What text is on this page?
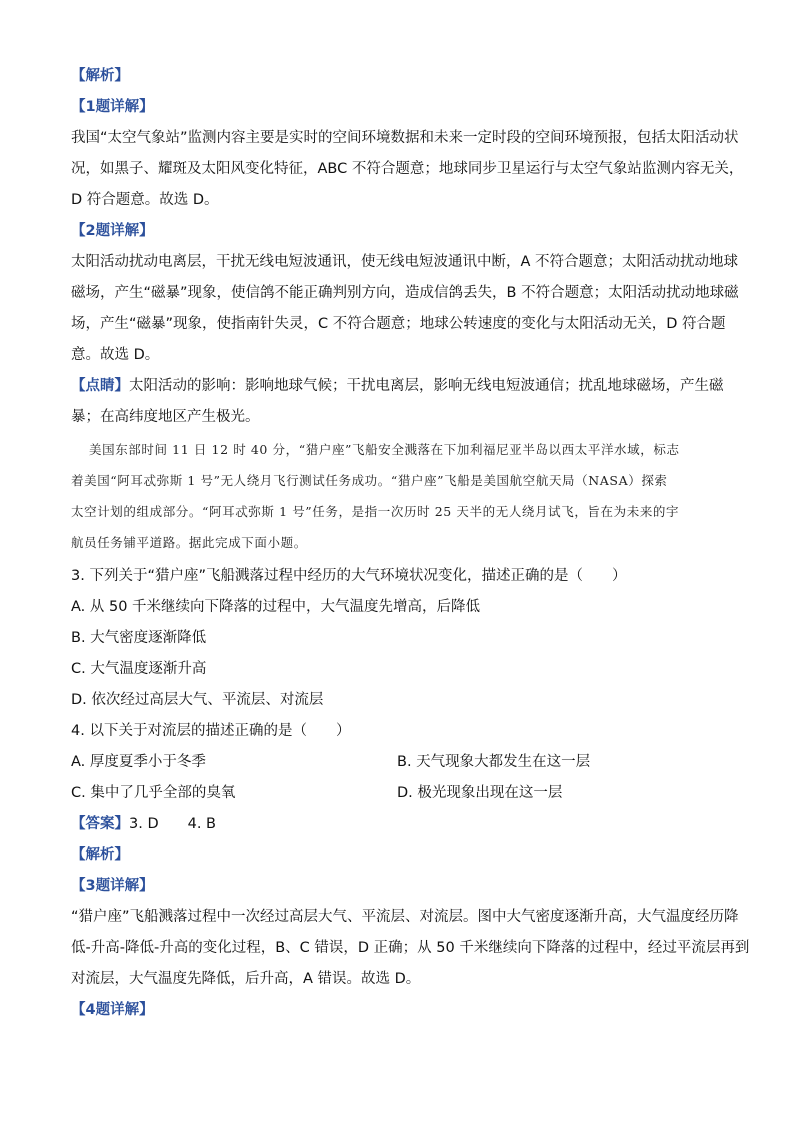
【解析】
【1题详解】
我国“太空气象站”监测内容主要是实时的空间环境数据和未来一定时段的空间环境预报，包括太阳活动状
况，如黑子、耀斑及太阳风变化特征，ABC 不符合题意；地球同步卫星运行与太空气象站监测内容无关，
D 符合题意。故选 D。
【2题详解】
太阳活动扰动电离层，干扰无线电短波通讯，使无线电短波通讯中断，A 不符合题意；太阳活动扰动地球
磁场，产生“磁暴”现象，使信鸽不能正确判别方向，造成信鸽丢失，B 不符合题意；太阳活动扰动地球磁
场，产生“磁暴”现象，使指南针失灵，C 不符合题意；地球公转速度的变化与太阳活动无关，D 符合题
意。故选 D。
【点睛】太阳活动的影响：影响地球气候；干扰电离层，影响无线电短波通信；扰乱地球磁场，产生磁
暴；在高纬度地区产生极光。
美国东部时间 11 日 12 时 40 分，“猎户座”飞船安全溅落在下加利福尼亚半岛以西太平洋水域，标志
着美国“阿耳忒弥斯 1 号”无人绕月飞行测试任务成功。“猎户座”飞船是美国航空航天局（NASA）探索
太空计划的组成部分。“阿耳忒弥斯 1 号”任务，是指一次历时 25 天半的无人绕月试飞，旨在为未来的宇
航员任务铺平道路。据此完成下面小题。
3. 下列关于“猎户座”飞船溅落过程中经历的大气环境状况变化，描述正确的是（　　）
A. 从 50 千米继续向下降落的过程中，大气温度先增高，后降低
B. 大气密度逐渐降低
C. 大气温度逐渐升高
D. 依次经过高层大气、平流层、对流层
4. 以下关于对流层的描述正确的是（　　）
A. 厚度夏季小于冬季	B. 天气现象大都发生在这一层
C. 集中了几乎全部的臭氧	D. 极光现象出现在这一层
【答案】3. D　　4. B
【解析】
【3题详解】
“猎户座”飞船溅落过程中一次经过高层大气、平流层、对流层。图中大气密度逐渐升高，大气温度经历降
低-升高-降低-升高的变化过程，B、C 错误，D 正确；从 50 千米继续向下降落的过程中，经过平流层再到
对流层，大气温度先降低，后升高，A 错误。故选 D。
【4题详解】
